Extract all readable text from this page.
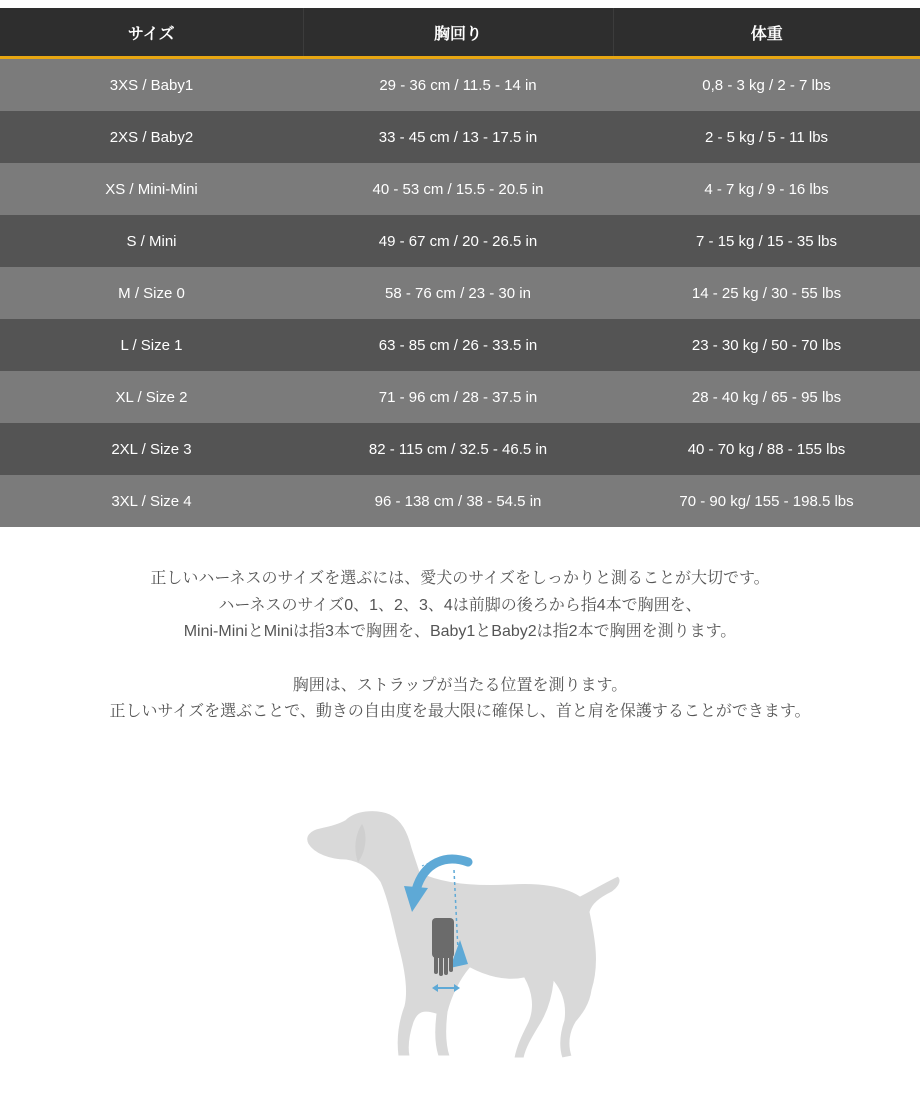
サイズ	胸回り	体重
3XS / Baby1	29 - 36 cm / 11.5 - 14 in	0,8 - 3 kg / 2 - 7 lbs
2XS / Baby2	33 - 45 cm / 13 - 17.5 in	2 - 5 kg / 5 - 11 lbs
XS / Mini-Mini	40 - 53 cm / 15.5 - 20.5 in	4 - 7 kg / 9 - 16 lbs
S / Mini	49 - 67 cm / 20 - 26.5 in	7 - 15 kg / 15 - 35 lbs
M / Size 0	58 - 76 cm / 23 - 30 in	14 - 25 kg / 30 - 55 lbs
L / Size 1	63 - 85 cm / 26 - 33.5 in	23 - 30 kg / 50 - 70 lbs
XL / Size 2	71 - 96 cm / 28 - 37.5 in	28 - 40 kg / 65 - 95 lbs
2XL / Size 3	82 - 115 cm / 32.5 - 46.5 in	40 - 70 kg / 88 - 155 lbs
3XL / Size 4	96 - 138 cm / 38 - 54.5 in	70 - 90 kg/ 155 - 198.5 lbs

正しいハーネスのサイズを選ぶには、愛犬のサイズをしっかりと測ることが大切です。

ハーネスのサイズ0、1、2、3、4は前脚の後ろから指4本で胸囲を、

Mini-MiniとMiniは指3本で胸囲を、Baby1とBaby2は指2本で胸囲を測ります。

胸囲は、ストラップが当たる位置を測ります。

正しいサイズを選ぶことで、動きの自由度を最大限に確保し、首と肩を保護することができます。
